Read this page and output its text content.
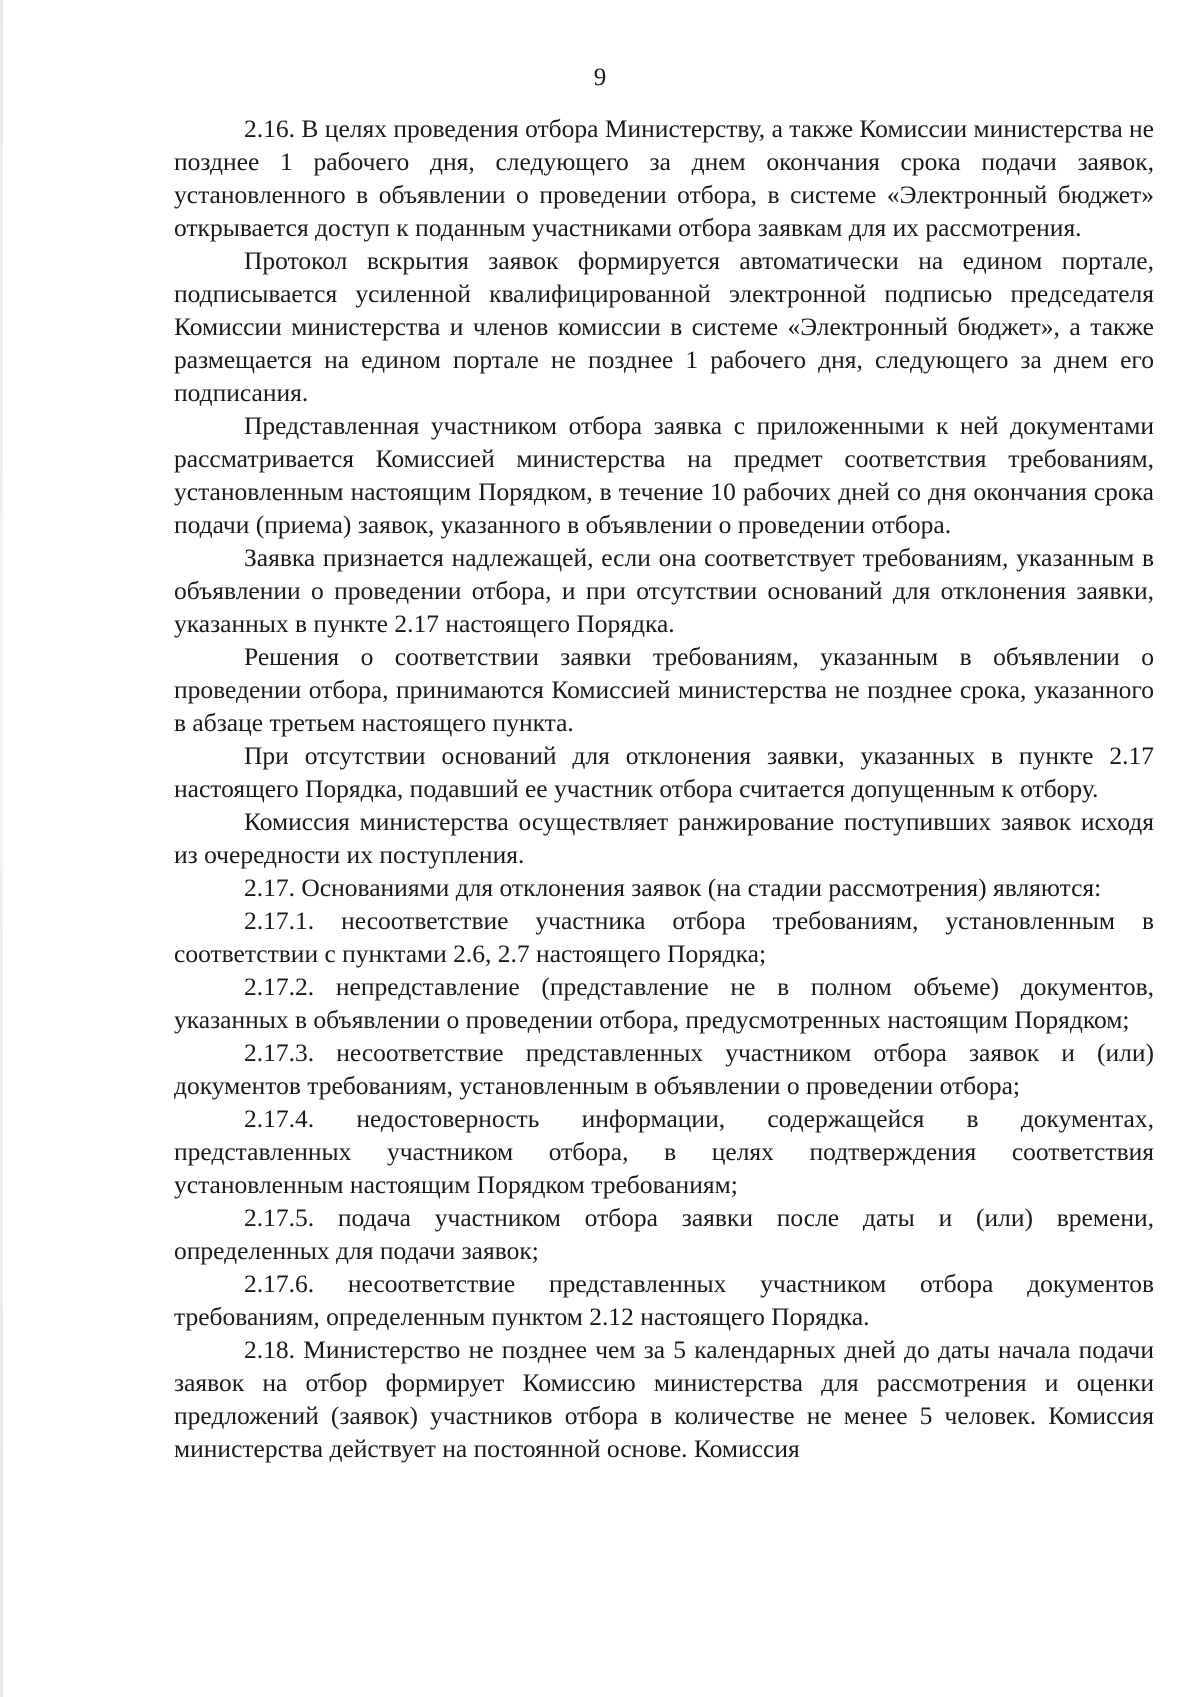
9

2.16. В целях проведения отбора Министерству, а также Комиссии министерства не позднее 1 рабочего дня, следующего за днем окончания срока подачи заявок, установленного в объявлении о проведении отбора, в системе «Электронный бюджет» открывается доступ к поданным участниками отбора заявкам для их рассмотрения.

Протокол вскрытия заявок формируется автоматически на едином портале, подписывается усиленной квалифицированной электронной подписью председателя Комиссии министерства и членов комиссии в системе «Электронный бюджет», а также размещается на едином портале не позднее 1 рабочего дня, следующего за днем его подписания.

Представленная участником отбора заявка с приложенными к ней документами рассматривается Комиссией министерства на предмет соответствия требованиям, установленным настоящим Порядком, в течение 10 рабочих дней со дня окончания срока подачи (приема) заявок, указанного в объявлении о проведении отбора.

Заявка признается надлежащей, если она соответствует требованиям, указанным в объявлении о проведении отбора, и при отсутствии оснований для отклонения заявки, указанных в пункте 2.17 настоящего Порядка.

Решения о соответствии заявки требованиям, указанным в объявлении о проведении отбора, принимаются Комиссией министерства не позднее срока, указанного в абзаце третьем настоящего пункта.

При отсутствии оснований для отклонения заявки, указанных в пункте 2.17 настоящего Порядка, подавший ее участник отбора считается допущенным к отбору.

Комиссия министерства осуществляет ранжирование поступивших заявок исходя из очередности их поступления.

2.17. Основаниями для отклонения заявок (на стадии рассмотрения) являются:

2.17.1. несоответствие участника отбора требованиям, установленным в соответствии с пунктами 2.6, 2.7 настоящего Порядка;

2.17.2. непредставление (представление не в полном объеме) документов, указанных в объявлении о проведении отбора, предусмотренных настоящим Порядком;

2.17.3. несоответствие представленных участником отбора заявок и (или) документов требованиям, установленным в объявлении о проведении отбора;

2.17.4. недостоверность информации, содержащейся в документах, представленных участником отбора, в целях подтверждения соответствия установленным настоящим Порядком требованиям;

2.17.5. подача участником отбора заявки после даты и (или) времени, определенных для подачи заявок;

2.17.6. несоответствие представленных участником отбора документов требованиям, определенным пунктом 2.12 настоящего Порядка.

2.18. Министерство не позднее чем за 5 календарных дней до даты начала подачи заявок на отбор формирует Комиссию министерства для рассмотрения и оценки предложений (заявок) участников отбора в количестве не менее 5 человек. Комиссия министерства действует на постоянной основе. Комиссия
